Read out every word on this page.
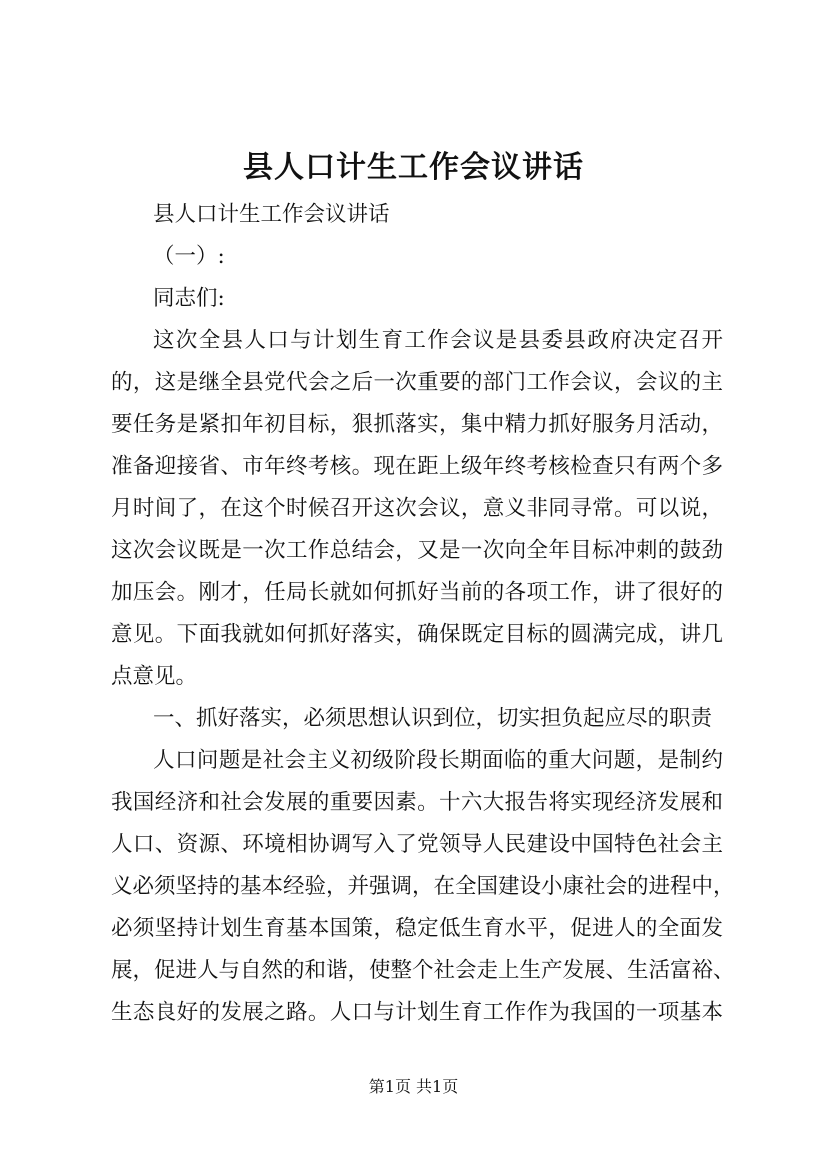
县人口计生工作会议讲话
县人口计生工作会议讲话
（一）:
同志们:
这次全县人口与计划生育工作会议是县委县政府决定召开
的，这是继全县党代会之后一次重要的部门工作会议，会议的主
要任务是紧扣年初目标，狠抓落实，集中精力抓好服务月活动，
准备迎接省、市年终考核。现在距上级年终考核检查只有两个多
月时间了，在这个时候召开这次会议，意义非同寻常。可以说，
这次会议既是一次工作总结会，又是一次向全年目标冲刺的鼓劲
加压会。刚才，任局长就如何抓好当前的各项工作，讲了很好的
意见。下面我就如何抓好落实，确保既定目标的圆满完成，讲几
点意见。
一、抓好落实，必须思想认识到位，切实担负起应尽的职责
人口问题是社会主义初级阶段长期面临的重大问题，是制约
我国经济和社会发展的重要因素。十六大报告将实现经济发展和
人口、资源、环境相协调写入了党领导人民建设中国特色社会主
义必须坚持的基本经验，并强调，在全国建设小康社会的进程中，
必须坚持计划生育基本国策，稳定低生育水平，促进人的全面发
展，促进人与自然的和谐，使整个社会走上生产发展、生活富裕、
生态良好的发展之路。人口与计划生育工作作为我国的一项基本
第1页 共1页
